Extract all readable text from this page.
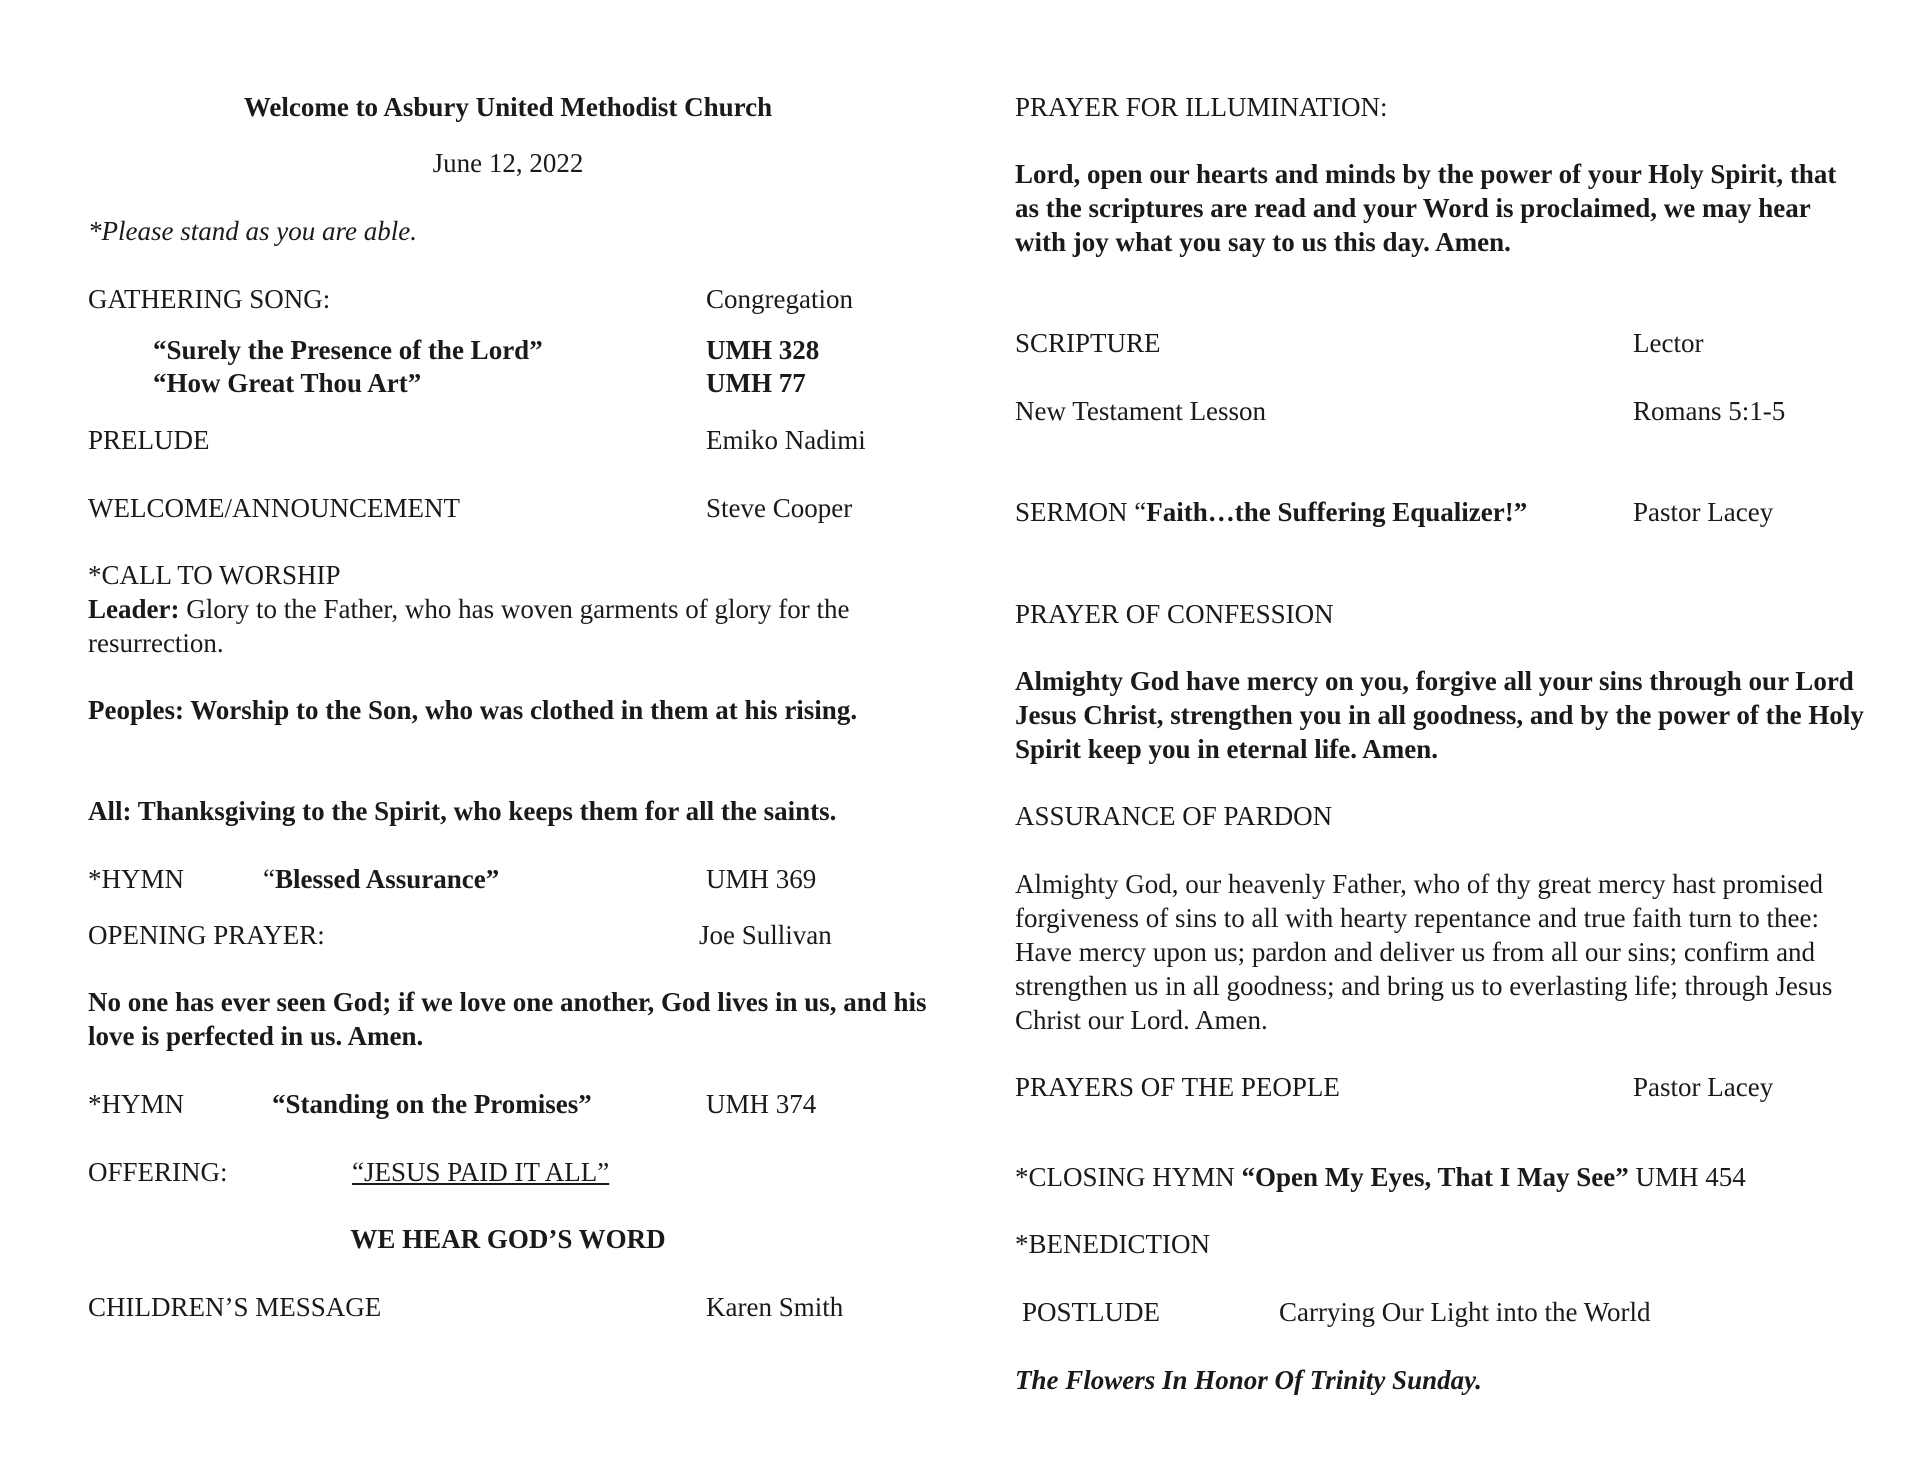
Welcome to Asbury United Methodist Church
June 12, 2022
*Please stand as you are able.
GATHERING SONG:	Congregation
“Surely the Presence of the Lord”	UMH 328
“How Great Thou Art”	UMH 77
PRELUDE	Emiko Nadimi
WELCOME/ANNOUNCEMENT	Steve Cooper
*CALL TO WORSHIP
Leader: Glory to the Father, who has woven garments of glory for the resurrection.
Peoples: Worship to the Son, who was clothed in them at his rising.
All: Thanksgiving to the Spirit, who keeps them for all the saints.
*HYMN	“Blessed Assurance”	UMH 369
OPENING PRAYER:	Joe Sullivan
No one has ever seen God; if we love one another, God lives in us, and his love is perfected in us. Amen.
*HYMN	“Standing on the Promises”	UMH 374
OFFERING:	“JESUS PAID IT ALL”
WE HEAR GOD’S WORD
CHILDREN’S MESSAGE	Karen Smith
PRAYER FOR ILLUMINATION:
Lord, open our hearts and minds by the power of your Holy Spirit, that as the scriptures are read and your Word is proclaimed, we may hear with joy what you say to us this day. Amen.
SCRIPTURE	Lector
New Testament Lesson	Romans 5:1-5
SERMON “Faith…the Suffering Equalizer!”	Pastor Lacey
PRAYER OF CONFESSION
Almighty God have mercy on you, forgive all your sins through our Lord Jesus Christ, strengthen you in all goodness, and by the power of the Holy Spirit keep you in eternal life. Amen.
ASSURANCE OF PARDON
Almighty God, our heavenly Father, who of thy great mercy hast promised forgiveness of sins to all with hearty repentance and true faith turn to thee: Have mercy upon us; pardon and deliver us from all our sins; confirm and strengthen us in all goodness; and bring us to everlasting life; through Jesus Christ our Lord. Amen.
PRAYERS OF THE PEOPLE	Pastor Lacey
*CLOSING HYMN “Open My Eyes, That I May See” UMH 454
*BENEDICTION
POSTLUDE	Carrying Our Light into the World
The Flowers In Honor Of Trinity Sunday.
